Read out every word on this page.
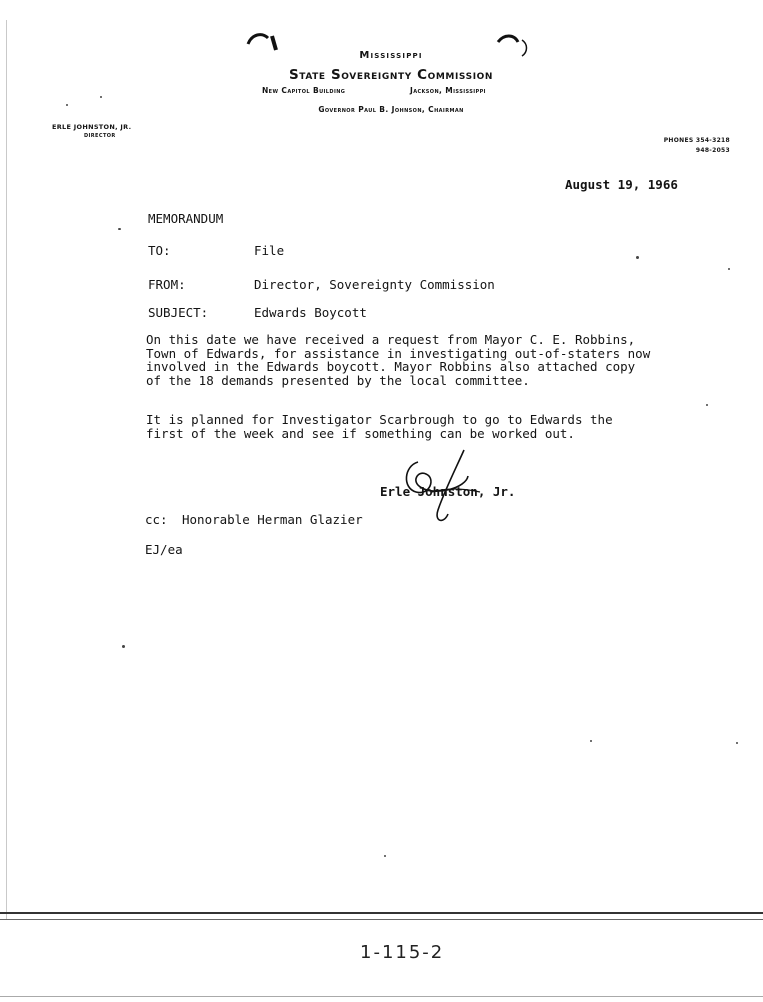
Mississippi
State Sovereignty Commission
New Capitol Building	Jackson, Mississippi
Governor Paul B. Johnson, Chairman
ERLE JOHNSTON, JR.
DIRECTOR
PHONES 354-3218
948-2053
August 19, 1966
MEMORANDUM
TO:	File
FROM:	Director, Sovereignty Commission
SUBJECT:	Edwards Boycott
On this date we have received a request from Mayor C. E. Robbins,
Town of Edwards, for assistance in investigating out-of-staters now
involved in the Edwards boycott. Mayor Robbins also attached copy
of the 18 demands presented by the local committee.
It is planned for Investigator Scarbrough to go to Edwards the
first of the week and see if something can be worked out.
Erle Johnston, Jr.
cc: Honorable Herman Glazier
EJ/ea
1-115-2
